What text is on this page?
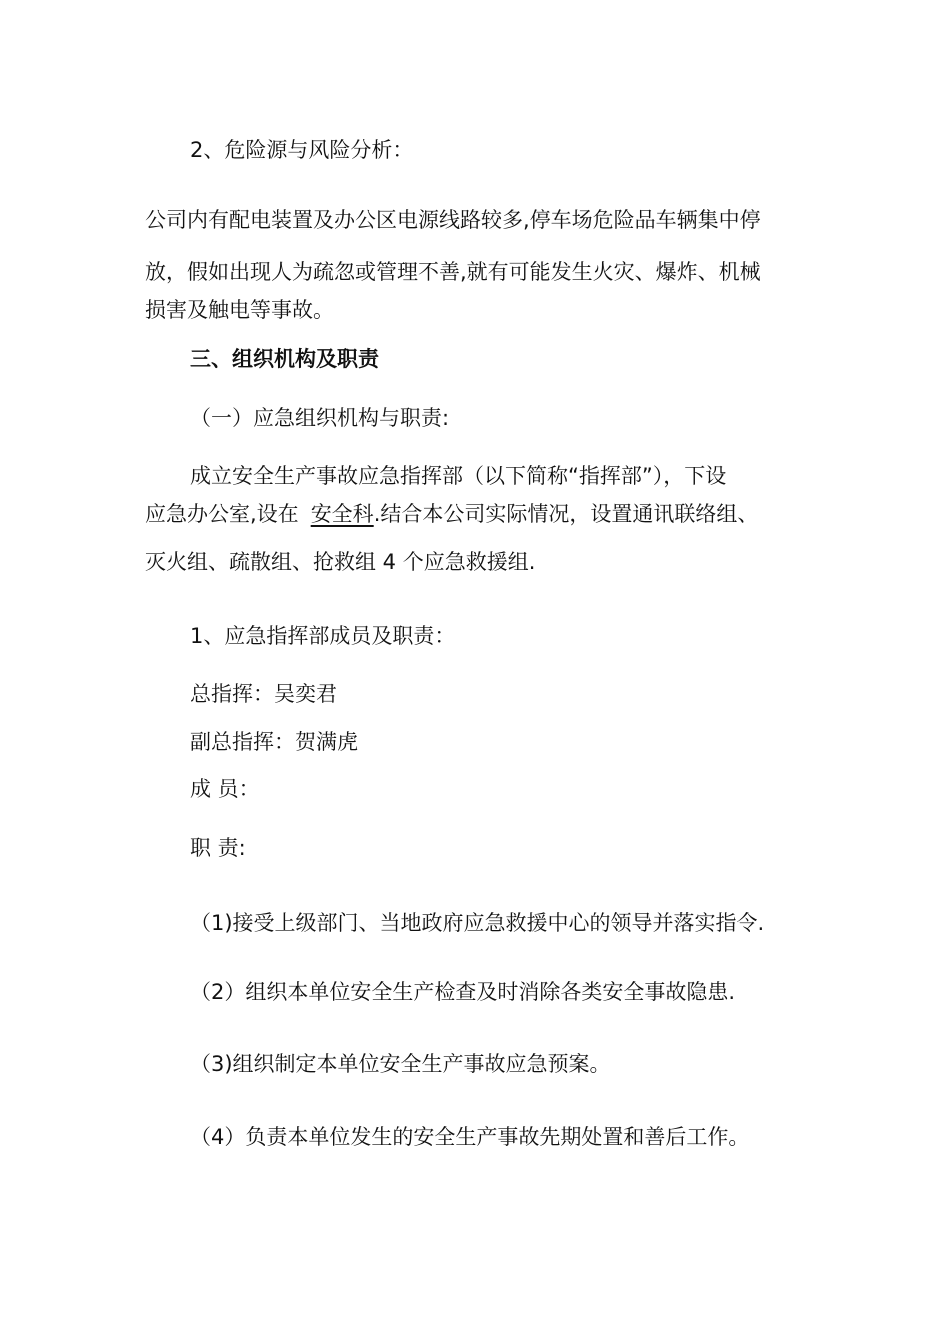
2、危险源与风险分析：

公司内有配电装置及办公区电源线路较多,停车场危险品车辆集中停

放，假如出现人为疏忽或管理不善,就有可能发生火灾、爆炸、机械

损害及触电等事故。

三、组织机构及职责

（一）应急组织机构与职责:

成立安全生产事故应急指挥部（以下简称“指挥部”），下设

应急办公室,设在 安全科.结合本公司实际情况，设置通讯联络组、

灭火组、疏散组、抢救组 4 个应急救援组.

1、应急指挥部成员及职责：

总指挥：吴奕君

副总指挥：贺满虎

成 员：

职 责:

（1)接受上级部门、当地政府应急救援中心的领导并落实指令.

（2）组织本单位安全生产检查及时消除各类安全事故隐患.

（3)组织制定本单位安全生产事故应急预案。

（4）负责本单位发生的安全生产事故先期处置和善后工作。
